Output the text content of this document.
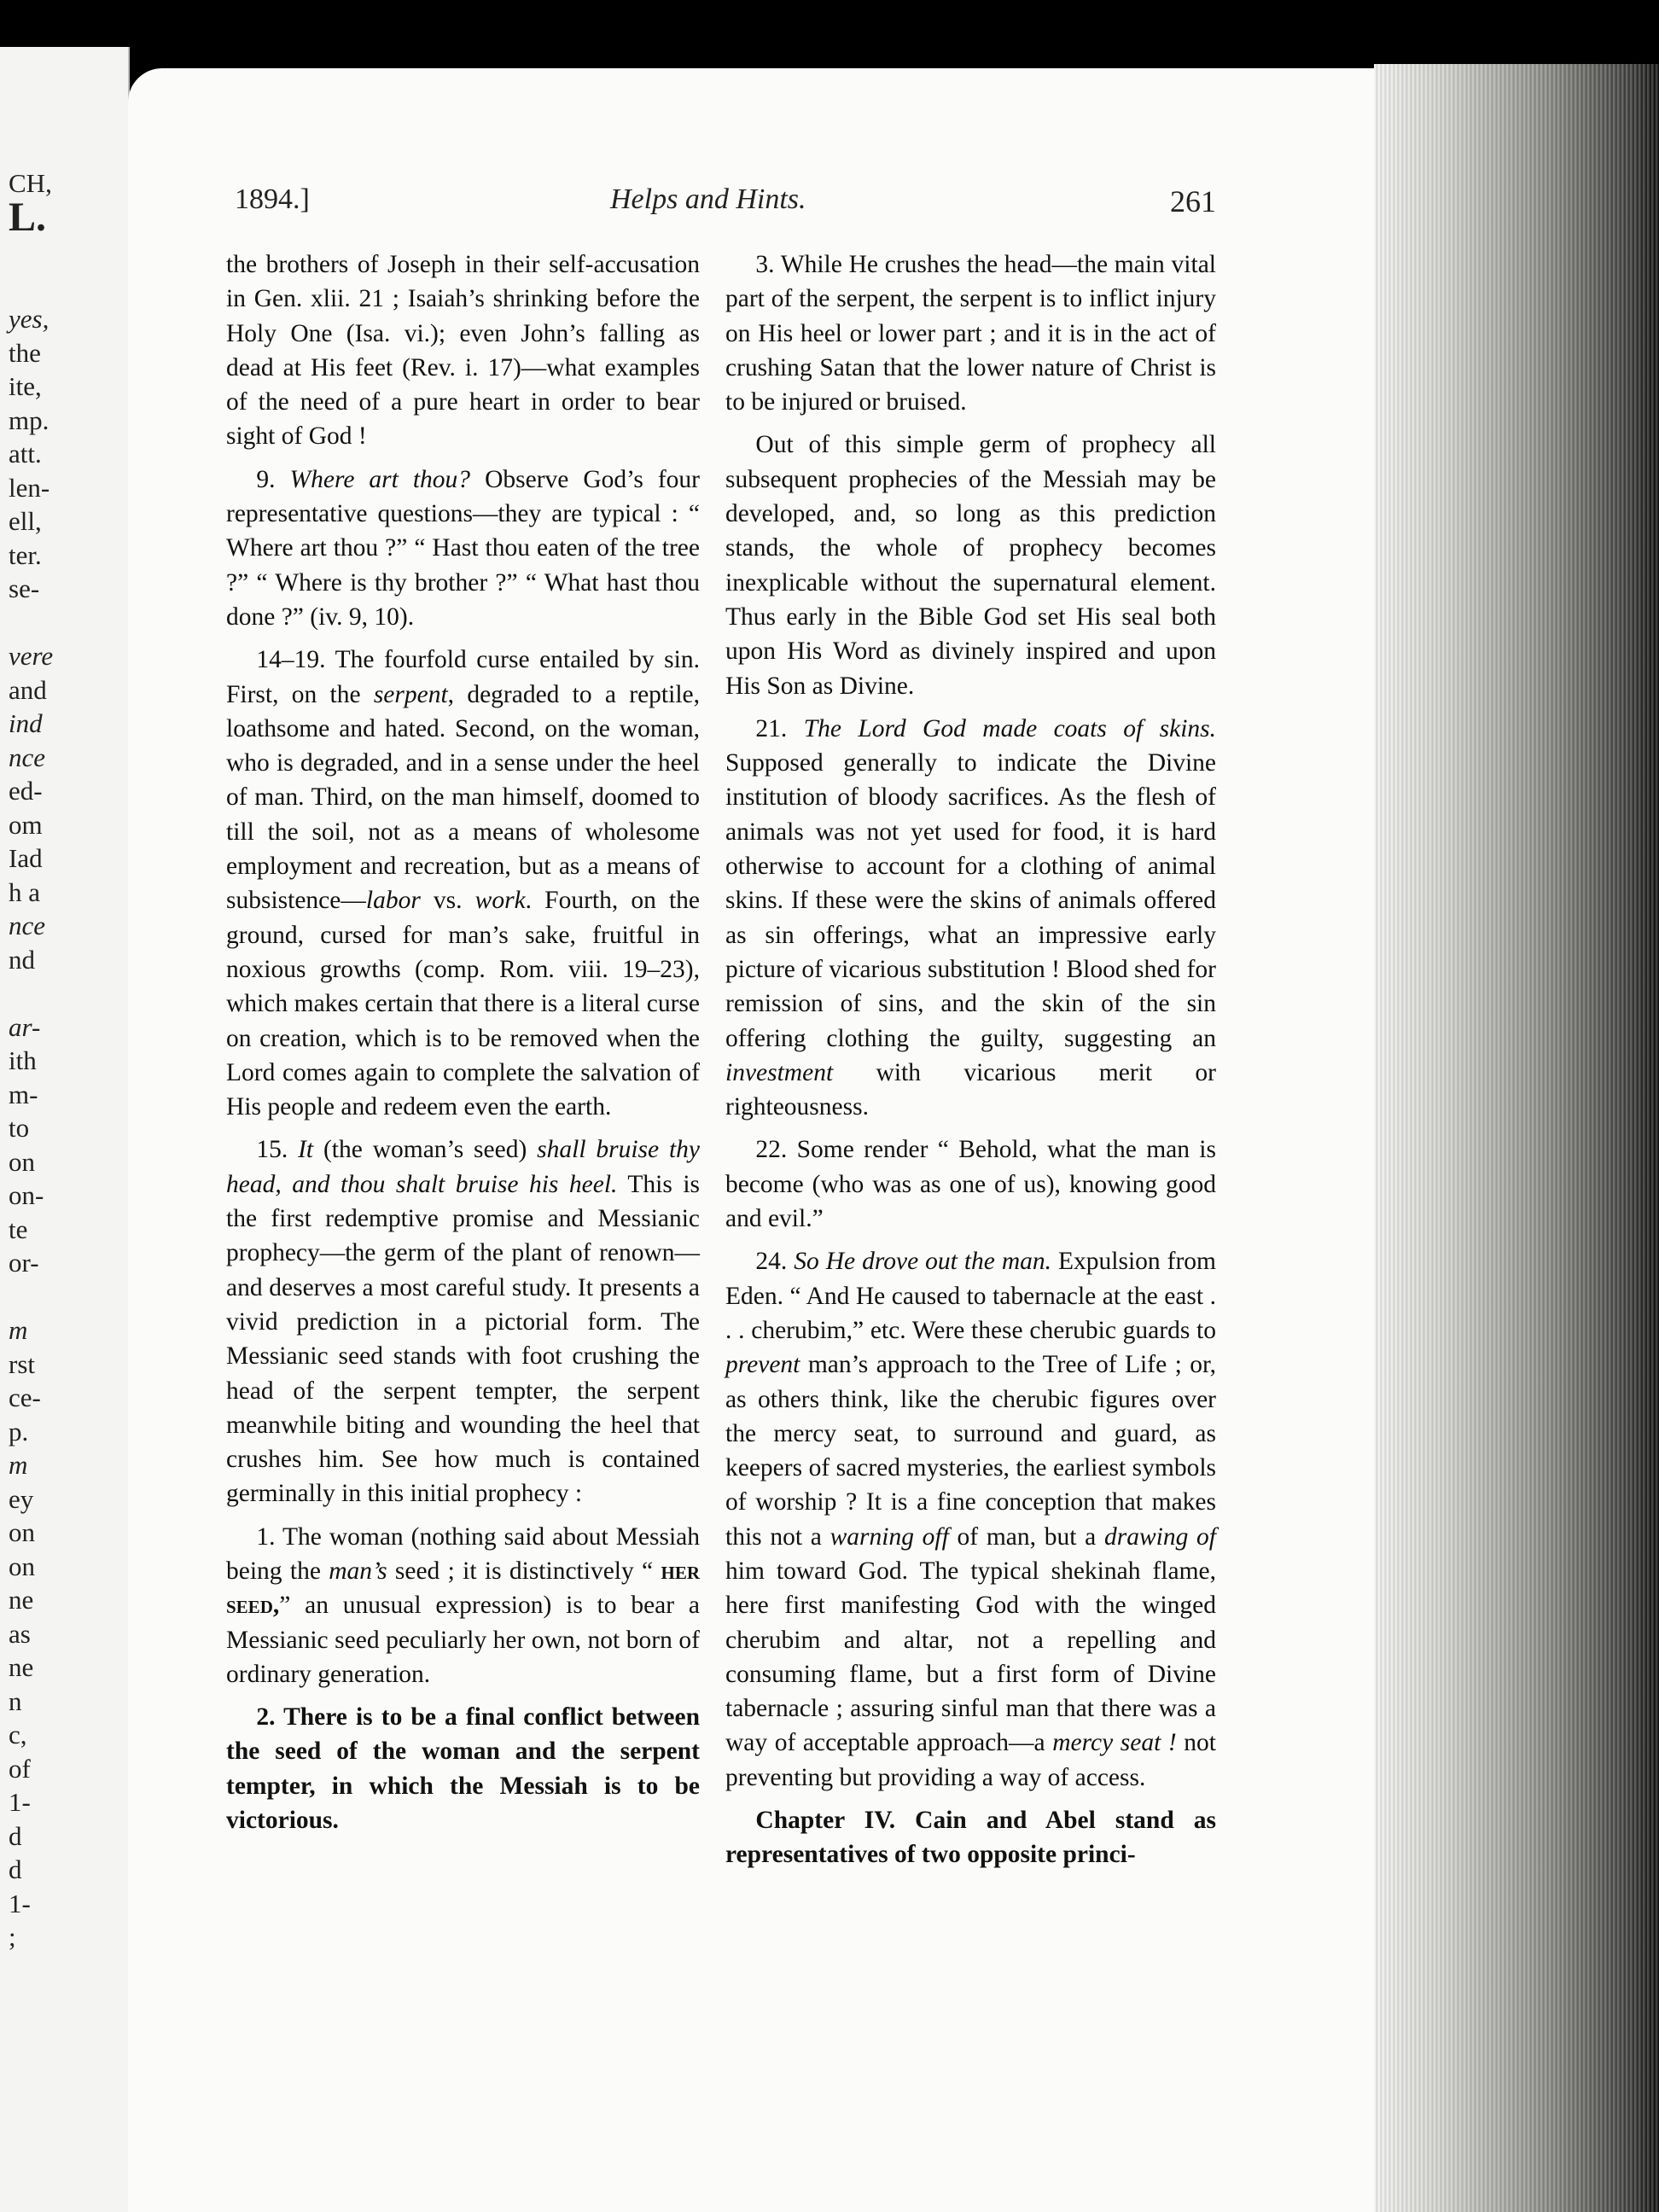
CH,
L.
yes,
the
ite,
mp.
att.
len-
ell,
ter.
se-
vere
and
ind
nce
ed-
om
Iad
h a
nce
nd
ar-
ith
m-
to
on
on-
te
or-
m
rst
ce-
p.
m
ey
on
on
ne
as
ne
n
c,
of
1-
d
d
1-
;
1894.]	Helps and Hints.	261

the brothers of Joseph in their self-accusation in Gen. xlii. 21 ; Isaiah’s shrinking before the Holy One (Isa. vi.); even John’s falling as dead at His feet (Rev. i. 17)—what examples of the need of a pure heart in order to bear sight of God !

9. Where art thou? Observe God’s four representative questions—they are typical : “ Where art thou ?” “ Hast thou eaten of the tree ?” “ Where is thy brother ?” “ What hast thou done ?” (iv. 9, 10).

14–19. The fourfold curse entailed by sin. First, on the serpent, degraded to a reptile, loathsome and hated. Second, on the woman, who is degraded, and in a sense under the heel of man. Third, on the man himself, doomed to till the soil, not as a means of wholesome employment and recreation, but as a means of subsistence—labor vs. work. Fourth, on the ground, cursed for man’s sake, fruitful in noxious growths (comp. Rom. viii. 19–23), which makes certain that there is a literal curse on creation, which is to be removed when the Lord comes again to complete the salvation of His people and redeem even the earth.

15. It (the woman’s seed) shall bruise thy head, and thou shalt bruise his heel. This is the first redemptive promise and Messianic prophecy—the germ of the plant of renown—and deserves a most careful study. It presents a vivid prediction in a pictorial form. The Messianic seed stands with foot crushing the head of the serpent tempter, the serpent meanwhile biting and wounding the heel that crushes him. See how much is contained germinally in this initial prophecy :

1. The woman (nothing said about Messiah being the man’s seed ; it is distinctively “ her seed,” an unusual expression) is to bear a Messianic seed peculiarly her own, not born of ordinary generation.

2. There is to be a final conflict between the seed of the woman and the serpent tempter, in which the Messiah is to be victorious.

3. While He crushes the head—the main vital part of the serpent, the serpent is to inflict injury on His heel or lower part ; and it is in the act of crushing Satan that the lower nature of Christ is to be injured or bruised.

Out of this simple germ of prophecy all subsequent prophecies of the Messiah may be developed, and, so long as this prediction stands, the whole of prophecy becomes inexplicable without the supernatural element. Thus early in the Bible God set His seal both upon His Word as divinely inspired and upon His Son as Divine.

21. The Lord God made coats of skins. Supposed generally to indicate the Divine institution of bloody sacrifices. As the flesh of animals was not yet used for food, it is hard otherwise to account for a clothing of animal skins. If these were the skins of animals offered as sin offerings, what an impressive early picture of vicarious substitution ! Blood shed for remission of sins, and the skin of the sin offering clothing the guilty, suggesting an investment with vicarious merit or righteousness.

22. Some render “ Behold, what the man is become (who was as one of us), knowing good and evil.”

24. So He drove out the man. Expulsion from Eden. “ And He caused to tabernacle at the east . . . cherubim,” etc. Were these cherubic guards to prevent man’s approach to the Tree of Life ; or, as others think, like the cherubic figures over the mercy seat, to surround and guard, as keepers of sacred mysteries, the earliest symbols of worship ? It is a fine conception that makes this not a warning off of man, but a drawing of him toward God. The typical shekinah flame, here first manifesting God with the winged cherubim and altar, not a repelling and consuming flame, but a first form of Divine tabernacle ; assuring sinful man that there was a way of acceptable approach—a mercy seat ! not preventing but providing a way of access.

Chapter IV. Cain and Abel stand as representatives of two opposite princi-
